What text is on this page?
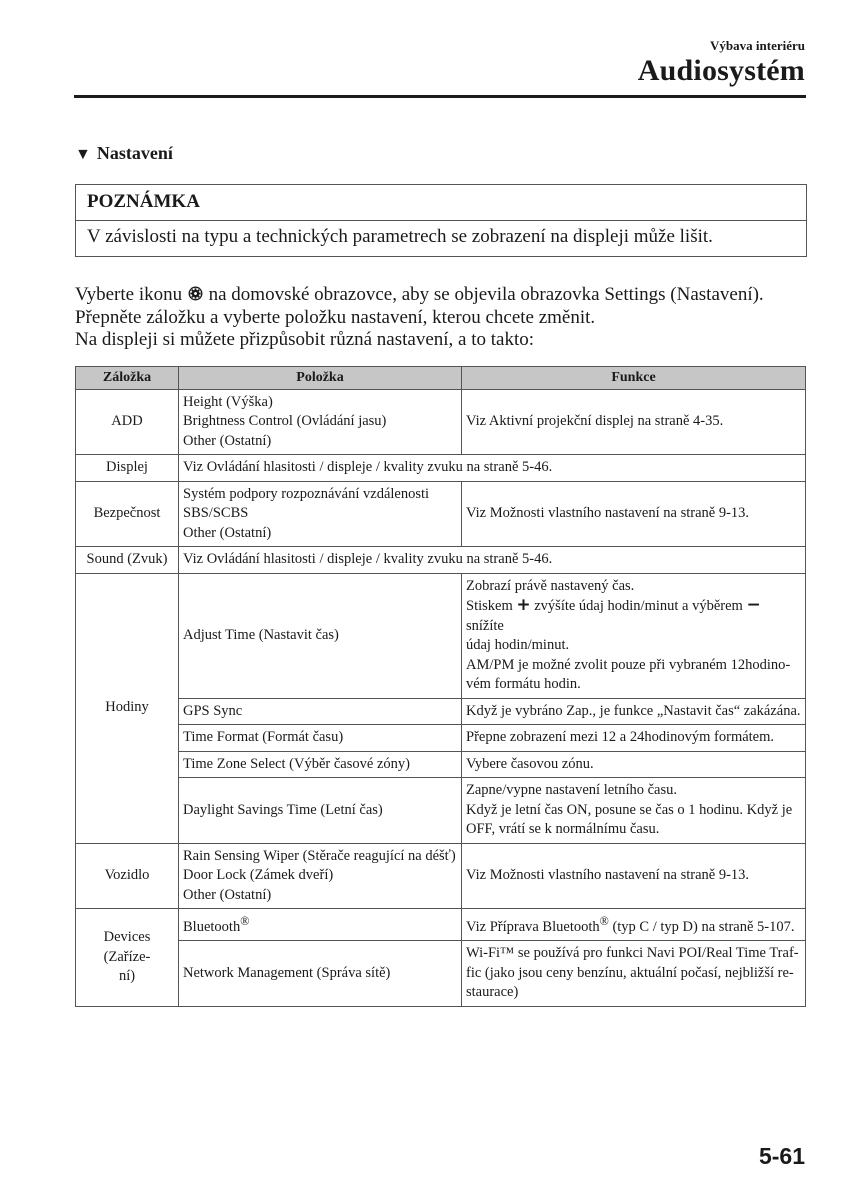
Výbava interiéru
Audiosystém
▼ Nastavení
POZNÁMKA
V závislosti na typu a technických parametrech se zobrazení na displeji může lišit.
Vyberte ikonu na domovské obrazovce, aby se objevila obrazovka Settings (Nastavení).
Přepněte záložku a vyberte položku nastavení, kterou chcete změnit.
Na displeji si můžete přizpůsobit různá nastavení, a to takto:
Záložka	Položka	Funkce
ADD	Height (Výška)
Brightness Control (Ovládání jasu)
Other (Ostatní)	Viz Aktivní projekční displej na straně 4-35.
Displej	Viz Ovládání hlasitosti / displeje / kvality zvuku na straně 5-46.	
Bezpečnost	Systém podpory rozpoznávání vzdálenosti
SBS/SCBS
Other (Ostatní)	Viz Možnosti vlastního nastavení na straně 9-13.
Sound (Zvuk)	Viz Ovládání hlasitosti / displeje / kvality zvuku na straně 5-46.	
Hodiny	Adjust Time (Nastavit čas)	Zobrazí právě nastavený čas.
Stiskem + zvýšíte údaj hodin/minut a výběrem − snížíte
údaj hodin/minut.
AM/PM je možné zvolit pouze při vybraném 12hodino-
vém formátu hodin.

	GPS Sync	Když je vybráno Zap., je funkce „Nastavit čas“ zakázána.
	Time Format (Formát času)	Přepne zobrazení mezi 12 a 24hodinovým formátem.
	Time Zone Select (Výběr časové zóny)	Vybere časovou zónu.
	Daylight Savings Time (Letní čas)	Zapne/vypne nastavení letního času.
Když je letní čas ON, posune se čas o 1 hodinu. Když je
OFF, vrátí se k normálnímu času.

Vozidlo	Rain Sensing Wiper (Stěrače reagující na déšť)
Door Lock (Zámek dveří)
Other (Ostatní)	Viz Možnosti vlastního nastavení na straně 9-13.

Devices (Zaříze-
ní)	Bluetooth®	Viz Příprava Bluetooth® (typ C / typ D) na straně 5-107.
	Network Management (Správa sítě)	Wi-Fi™ se používá pro funkci Navi POI/Real Time Traf-
fic (jako jsou ceny benzínu, aktuální počasí, nejbližší re-
staurace)
5-61
